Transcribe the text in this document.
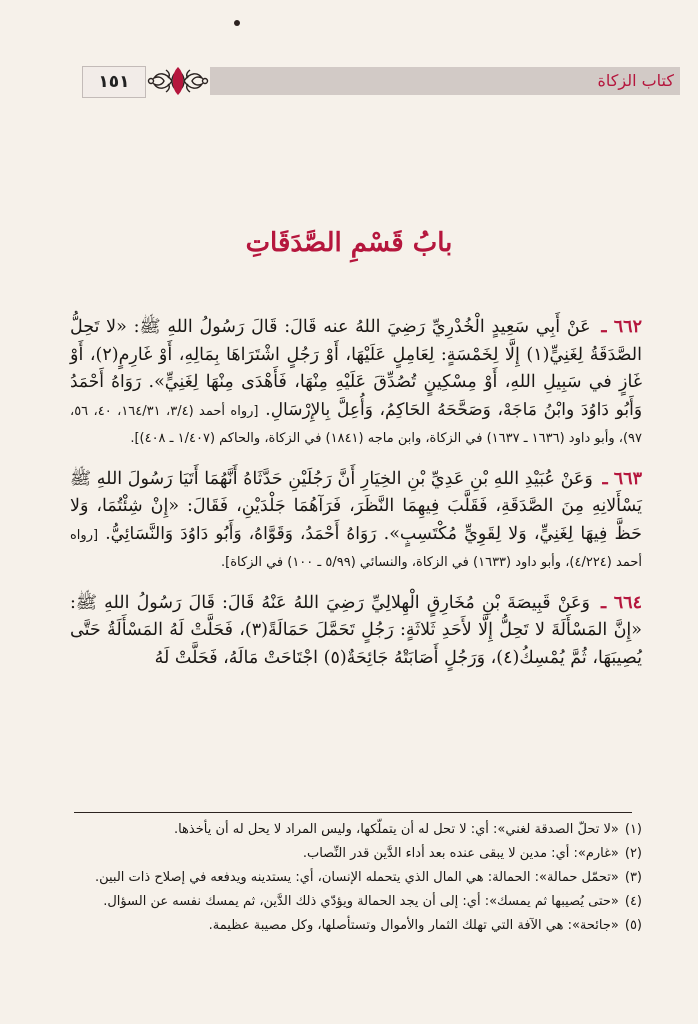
كتاب الزكاة
١٥١
بابُ قَسْمِ الصَّدَقَاتِ
٦٦٢ ـ عَنْ أَبِي سَعِيدٍ الْخُدْرِيِّ رَضِيَ اللهُ عنه قَالَ: قَالَ رَسُولُ اللهِ ﷺ: «لا تَحِلُّ الصَّدَقَةُ لِغَنِيٍّ(١) إِلَّا لِخَمْسَةٍ: لِعَامِلٍ عَلَيْهَا، أَوْ رَجُلٍ اشْتَرَاهَا بِمَالِهِ، أَوْ غَارِمٍ(٢)، أَوْ غَازٍ في سَبِيلِ اللهِ، أَوْ مِسْكِينٍ تُصُدِّقَ عَلَيْهِ مِنْهَا، فَأَهْدَى مِنْهَا لِغَنِيٍّ». رَوَاهُ أَحْمَدُ وَأَبُو دَاوُدَ وابْنُ مَاجَهْ، وَصَحَّحَهُ الحَاكِمُ، وَأُعِلَّ بِالإِرْسَالِ. [رواه أحمد (٣/٤، ١٦٤/٣١، ٤٠، ٥٦، ٩٧)، وأبو داود (١٦٣٦ ـ ١٦٣٧) في الزكاة، وابن ماجه (١٨٤١) في الزكاة، والحاكم (١/٤٠٧ ـ ٤٠٨)].
٦٦٣ ـ وَعَنْ عُبَيْدِ اللهِ بْنِ عَدِيِّ بْنِ الخِيَارِ أَنَّ رَجُلَيْنِ حَدَّثَاهُ أَنَّهُمَا أَتَيَا رَسُولَ اللهِ ﷺ يَسْأَلانِهِ مِنَ الصَّدَقَةِ، فَقَلَّبَ فِيهِمَا النَّظَرَ، فَرَآهُمَا جَلْدَيْنِ، فَقَالَ: «إِنْ شِئْتُمَا، وَلا حَظَّ فِيهَا لِغَنِيٍّ، وَلا لِقَوِيٍّ مُكْتَسِبٍ». رَوَاهُ أَحْمَدُ، وَقَوَّاهُ، وَأَبُو دَاوُدَ وَالنَّسَائِيُّ. [رواه أحمد (٤/٢٢٤)، وأبو داود (١٦٣٣) في الزكاة، والنسائي (٥/٩٩ ـ ١٠٠) في الزكاة].
٦٦٤ ـ وَعَنْ قَبِيصَةَ بْنِ مُخَارِقٍ الْهِلالِيِّ رَضِيَ اللهُ عَنْهُ قَالَ: قَالَ رَسُولُ اللهِ ﷺ: «إِنَّ المَسْأَلَةَ لا تَحِلُّ إِلَّا لأَحَدِ ثَلاثَةٍ: رَجُلٍ تَحَمَّلَ حَمَالَةً(٣)، فَحَلَّتْ لَهُ المَسْأَلَةُ حَتَّى يُصِيبَهَا، ثُمَّ يُمْسِكُ(٤)، وَرَجُلٍ أَصَابَتْهُ جَائِحَةٌ(٥) اجْتَاحَتْ مَالَهُ، فَحَلَّتْ لَهُ

(١)«لا تحلّ الصدقة لغني»: أي: لا تحل له أن يتملّكها، وليس المراد لا يحل له أن يأخذها.

(٢)«غارم»: أي: مدين لا يبقى عنده بعد أداء الدَّين قدر النِّصاب.

(٣)«تحمّل حمالة»: الحمالة: هي المال الذي يتحمله الإنسان، أي: يستدينه ويدفعه في إصلاح ذات البين.

(٤)«حتى يُصيبها ثم يمسك»: أي: إلى أن يجد الحمالة ويؤدّي ذلك الدَّين، ثم يمسك نفسه عن السؤال.

(٥)«جائحة»: هي الآفة التي تهلك الثمار والأموال وتستأصلها، وكل مصيبة عظيمة.
